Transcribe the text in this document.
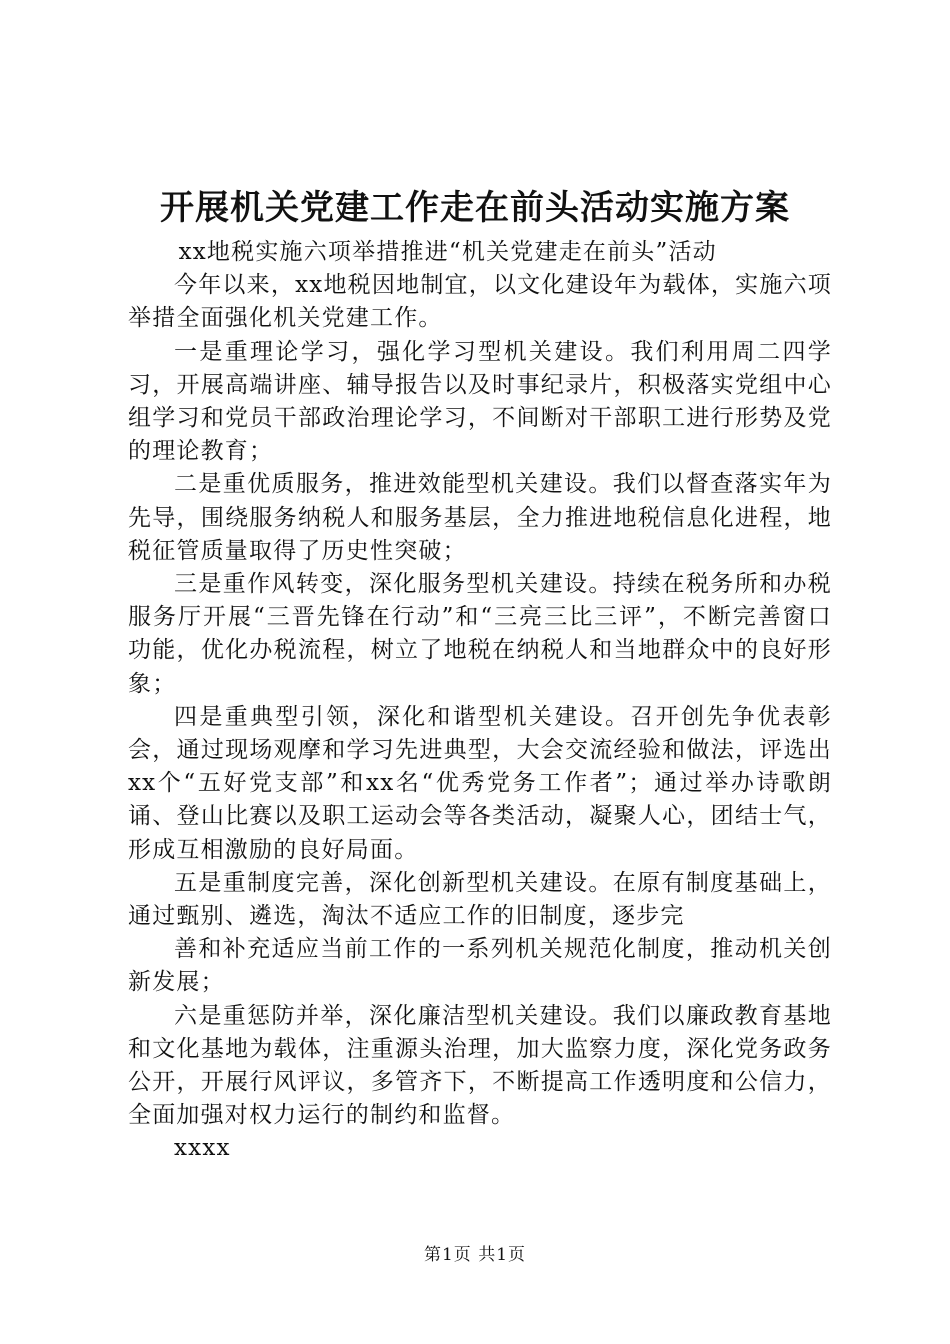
开展机关党建工作走在前头活动实施方案

xx地税实施六项举措推进“机关党建走在前头”活动

今年以来，xx地税因地制宜，以文化建设年为载体，实施六项举措全面强化机关党建工作。

一是重理论学习，强化学习型机关建设。我们利用周二四学习，开展高端讲座、辅导报告以及时事纪录片，积极落实党组中心组学习和党员干部政治理论学习，不间断对干部职工进行形势及党的理论教育；

二是重优质服务，推进效能型机关建设。我们以督查落实年为先导，围绕服务纳税人和服务基层，全力推进地税信息化进程，地税征管质量取得了历史性突破；

三是重作风转变，深化服务型机关建设。持续在税务所和办税服务厅开展“三晋先锋在行动”和“三亮三比三评”，不断完善窗口功能，优化办税流程，树立了地税在纳税人和当地群众中的良好形象；

四是重典型引领，深化和谐型机关建设。召开创先争优表彰会，通过现场观摩和学习先进典型，大会交流经验和做法，评选出xx个“五好党支部”和xx名“优秀党务工作者”；通过举办诗歌朗诵、登山比赛以及职工运动会等各类活动，凝聚人心，团结士气，形成互相激励的良好局面。

五是重制度完善，深化创新型机关建设。在原有制度基础上，通过甄别、遴选，淘汰不适应工作的旧制度，逐步完

善和补充适应当前工作的一系列机关规范化制度，推动机关创新发展；

六是重惩防并举，深化廉洁型机关建设。我们以廉政教育基地和文化基地为载体，注重源头治理，加大监察力度，深化党务政务公开，开展行风评议，多管齐下，不断提高工作透明度和公信力，全面加强对权力运行的制约和监督。

xxxx

第1页 共1页
